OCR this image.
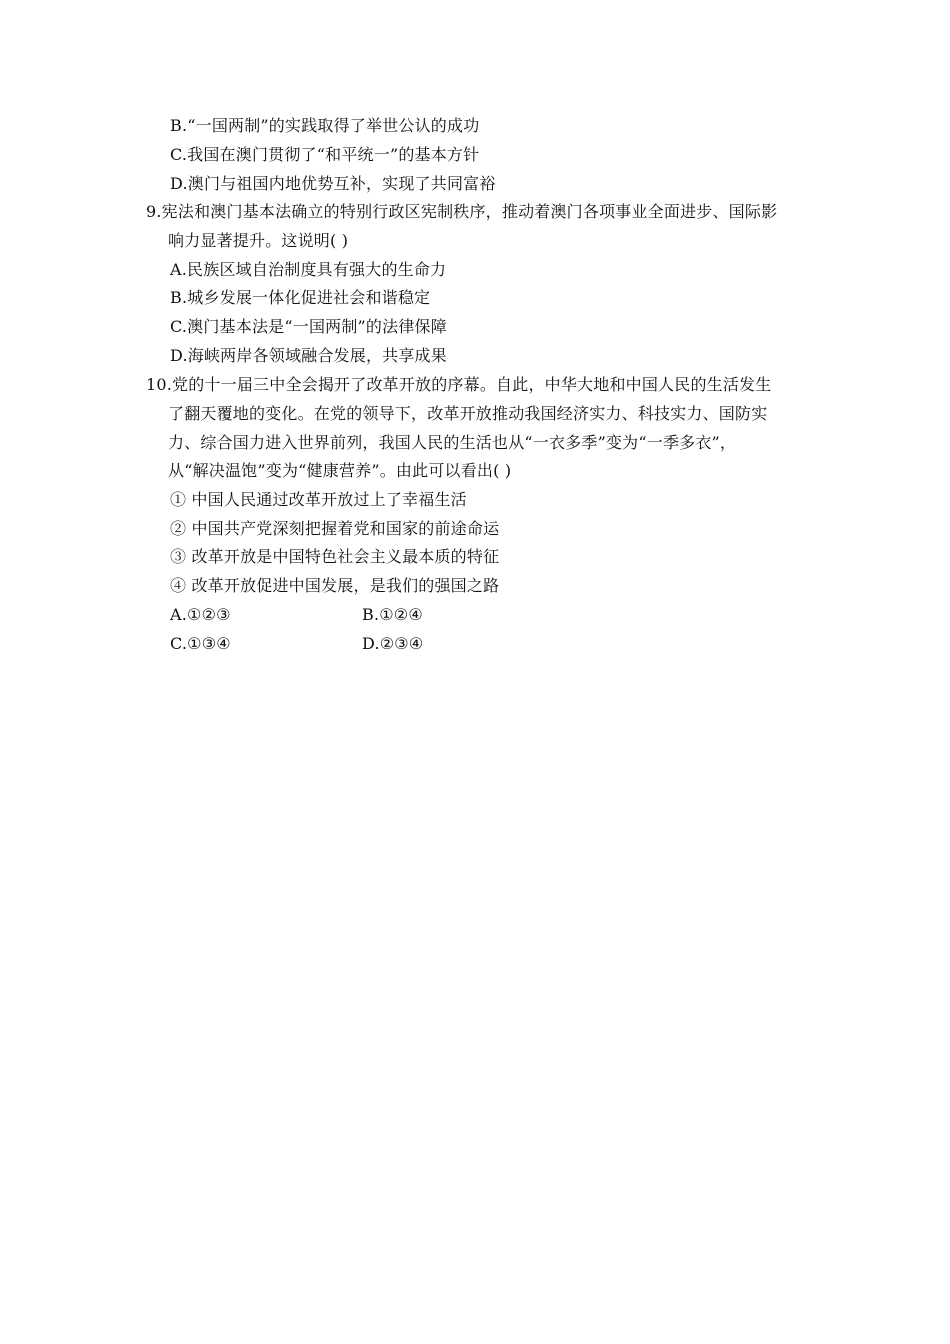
B.“一国两制”的实践取得了举世公认的成功
C.我国在澳门贯彻了“和平统一”的基本方针
D.澳门与祖国内地优势互补，实现了共同富裕
9.宪法和澳门基本法确立的特别行政区宪制秩序，推动着澳门各项事业全面进步、国际影
响力显著提升。这说明( )
A.民族区域自治制度具有强大的生命力
B.城乡发展一体化促进社会和谐稳定
C.澳门基本法是“一国两制”的法律保障
D.海峡两岸各领域融合发展，共享成果
10.党的十一届三中全会揭开了改革开放的序幕。自此，中华大地和中国人民的生活发生
了翻天覆地的变化。在党的领导下，改革开放推动我国经济实力、科技实力、国防实
力、综合国力进入世界前列，我国人民的生活也从“一衣多季”变为“一季多衣”，
从“解决温饱”变为“健康营养”。由此可以看出( )
① 中国人民通过改革开放过上了幸福生活
② 中国共产党深刻把握着党和国家的前途命运
③ 改革开放是中国特色社会主义最本质的特征
④ 改革开放促进中国发展，是我们的强国之路
A.①②③	B.①②④
C.①③④	D.②③④
